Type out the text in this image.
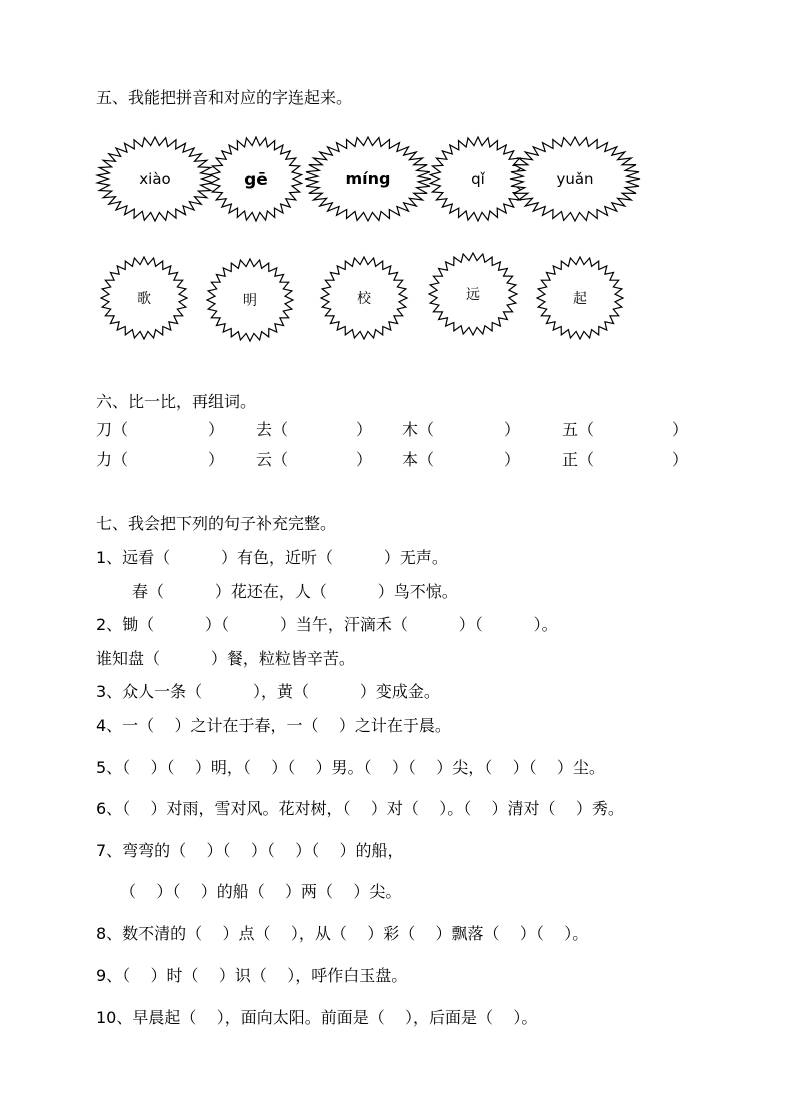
五、我能把拼音和对应的字连起来。
xiào	gē	míng	qǐ	yuǎn
歌	明	校	远	起
六、比一比，再组词。
刀（	） 去（	） 木（	）	五（	）
力（	） 云（	） 本（	）	正（	）
七、我会把下列的句子补充完整。
1、远看（          ）有色，近听（          ）无声。
春（          ）花还在，人（          ）鸟不惊。
2、锄（          ）（          ）当午，汗滴禾（          ）（          ）。
谁知盘（          ）餐，粒粒皆辛苦。
3、众人一条（          ），黄（          ）变成金。
4、一（    ）之计在于春，一（    ）之计在于晨。
5、（    ）（    ）明，（    ）（    ）男。（    ）（    ）尖，（    ）（    ）尘。
6、（    ）对雨，雪对风。花对树，（    ）对（    ）。（    ）清对（    ）秀。
7、弯弯的（    ）（    ）（    ）（    ）的船，
（    ）（    ）的船（    ）两（    ）尖。
8、数不清的（    ）点（    ），从（    ）彩（    ）飘落（    ）（    ）。
9、（    ）时（    ）识（    ），呼作白玉盘。
10、早晨起（    ），面向太阳。前面是（    ），后面是（    ）。
